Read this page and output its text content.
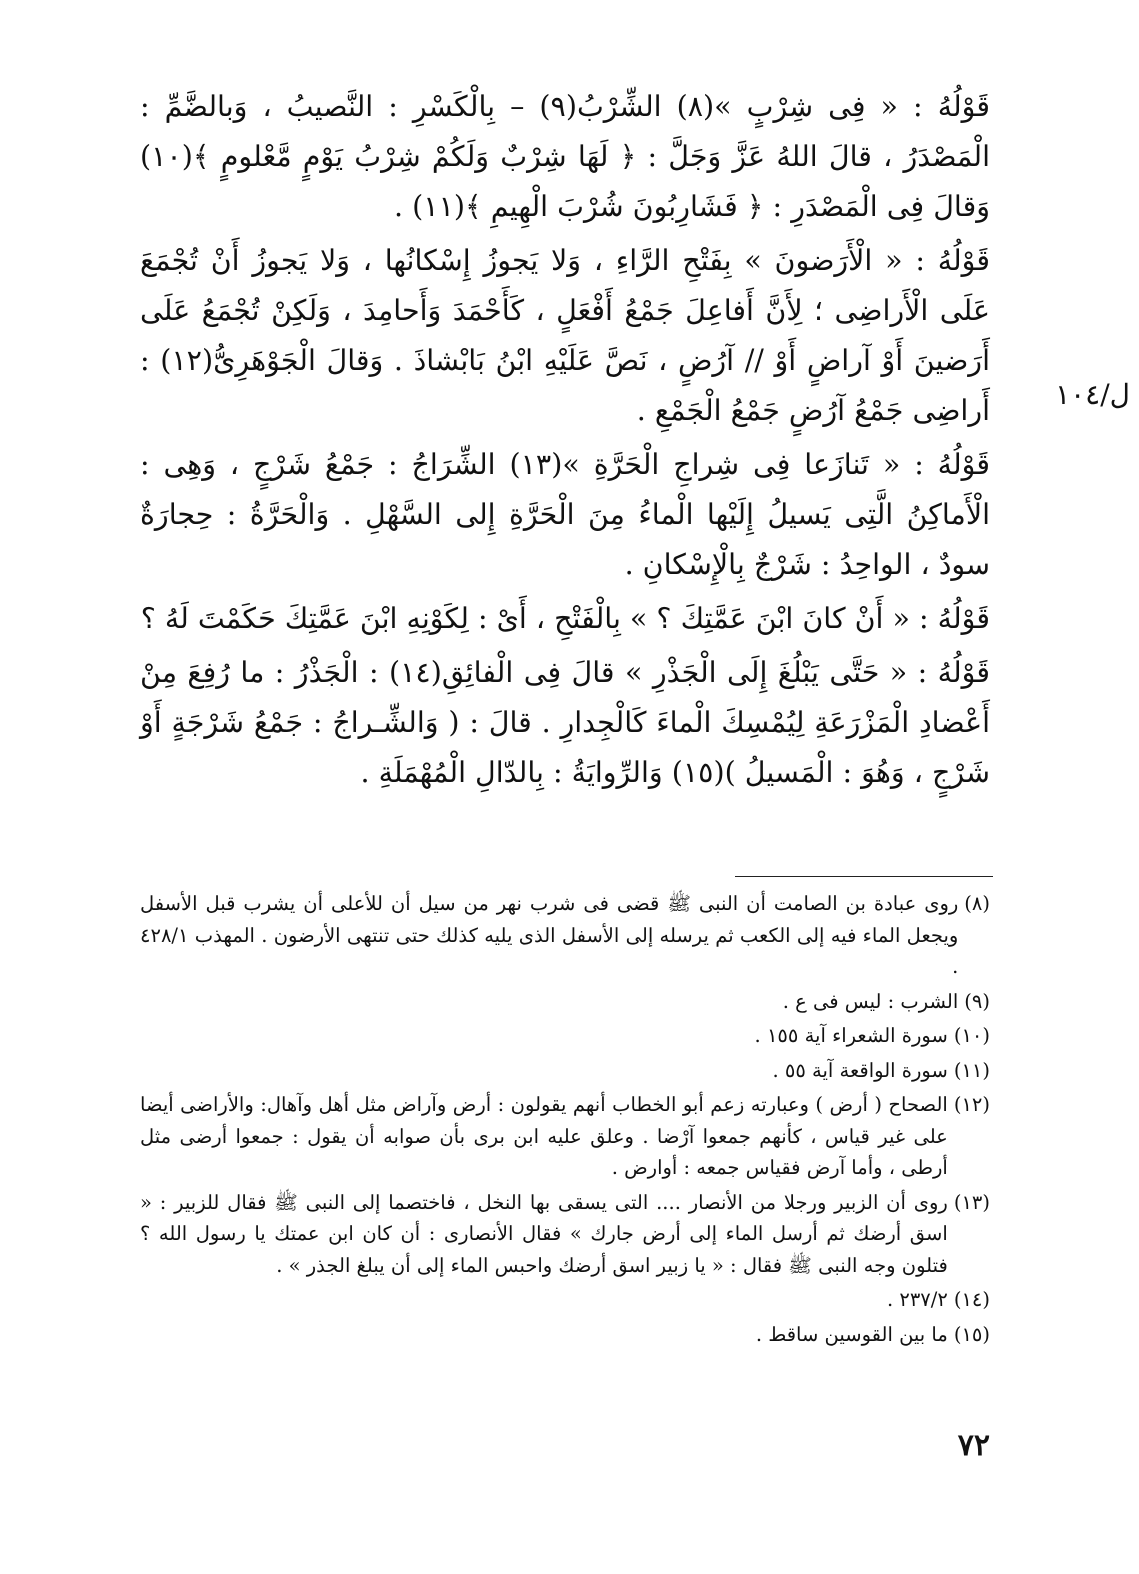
قَوْلُهُ : « فِى شِرْبٍ »(٨) الشِّرْبُ(٩) – بِالْكَسْرِ : النَّصيبُ ، وَبالضَّمِّ : الْمَصْدَرُ ، قالَ اللهُ عَزَّ وَجَلَّ : ﴿ لَهَا شِرْبٌ وَلَكُمْ شِرْبُ يَوْمٍ مَّعْلومٍ ﴾(١٠) وَقالَ فِى الْمَصْدَرِ : ﴿ فَشَارِبُونَ شُرْبَ الْهِيمِ ﴾(١١) .

قَوْلُهُ : « الْأَرَضونَ » بِفَتْحِ الرَّاءِ ، وَلا يَجوزُ إِسْكانُها ، وَلا يَجوزُ أَنْ تُجْمَعَ عَلَى الْأَراضِى ؛ لِأَنَّ أَفاعِلَ جَمْعُ أَفْعَلٍ ، كَأَحْمَدَ وَأَحامِدَ ، وَلَكِنْ تُجْمَعُ عَلَى أَرَضينَ أَوْ آراضٍ أَوْ // آرُضٍ ، نَصَّ عَلَيْهِ ابْنُ بَابْشاذَ . وَقالَ الْجَوْهَرِىُّ(١٢) : أَراضِى جَمْعُ آرُضٍ جَمْعُ الْجَمْعِ .

قَوْلُهُ : « تَنازَعا فِى شِراجِ الْحَرَّةِ »(١٣) الشِّرَاجُ : جَمْعُ شَرْجٍ ، وَهِى : الْأَماكِنُ الَّتِى يَسيلُ إِلَيْها الْماءُ مِنَ الْحَرَّةِ إِلى السَّهْلِ . وَالْحَرَّةُ : حِجارَةٌ سودٌ ، الواحِدُ : شَرْجٌ بِالْإِسْكانِ .

قَوْلُهُ : « أَنْ كانَ ابْنَ عَمَّتِكَ ؟ » بِالْفَتْحِ ، أَىْ : لِكَوْنِهِ ابْنَ عَمَّتِكَ حَكَمْتَ لَهُ ؟

قَوْلُهُ : « حَتَّى يَبْلُغَ إِلَى الْجَذْرِ » قالَ فِى الْفائِقِ(١٤) : الْجَذْرُ : ما رُفِعَ مِنْ أَعْضادِ الْمَزْرَعَةِ لِيُمْسِكَ الْماءَ كَالْجِدارِ . قالَ : ( وَالشِّـراجُ : جَمْعُ شَرْجَةٍ أَوْ شَرْجٍ ، وَهُوَ : الْمَسيلُ )(١٥) وَالرِّوايَةُ : بِالدّالِ الْمُهْمَلَةِ .

ل/١٠٤
(٨)
روى عبادة بن الصامت أن النبى ﷺ قضى فى شرب نهر من سيل أن للأعلى أن يشرب قبل الأسفل ويجعل الماء فيه إلى الكعب ثم يرسله إلى الأسفل الذى يليه كذلك حتى تنتهى الأرضون . المهذب ٤٢٨/١ .
(٩)
الشرب : ليس فى ع .
(١٠)
سورة الشعراء آية ١٥٥ .
(١١)
سورة الواقعة آية ٥٥ .
(١٢)
الصحاح ( أرض ) وعبارته زعم أبو الخطاب أنهم يقولون : أرض وآراض مثل أهل وآهال: والأراضى أيضا على غير قياس ، كأنهم جمعوا آرْضا . وعلق عليه ابن برى بأن صوابه أن يقول : جمعوا أرضى مثل أرطى ، وأما آرض فقياس جمعه : أوارض .
(١٣)
روى أن الزبير ورجلا من الأنصار .... التى يسقى بها النخل ، فاختصما إلى النبى ﷺ فقال للزبير : « اسق أرضك ثم أرسل الماء إلى أرض جارك » فقال الأنصارى : أن كان ابن عمتك يا رسول الله ؟ فتلون وجه النبى ﷺ فقال : « يا زبير اسق أرضك واحبس الماء إلى أن يبلغ الجذر » .
(١٤)
٢٣٧/٢ .
(١٥)
ما بين القوسين ساقط .
٧٢
